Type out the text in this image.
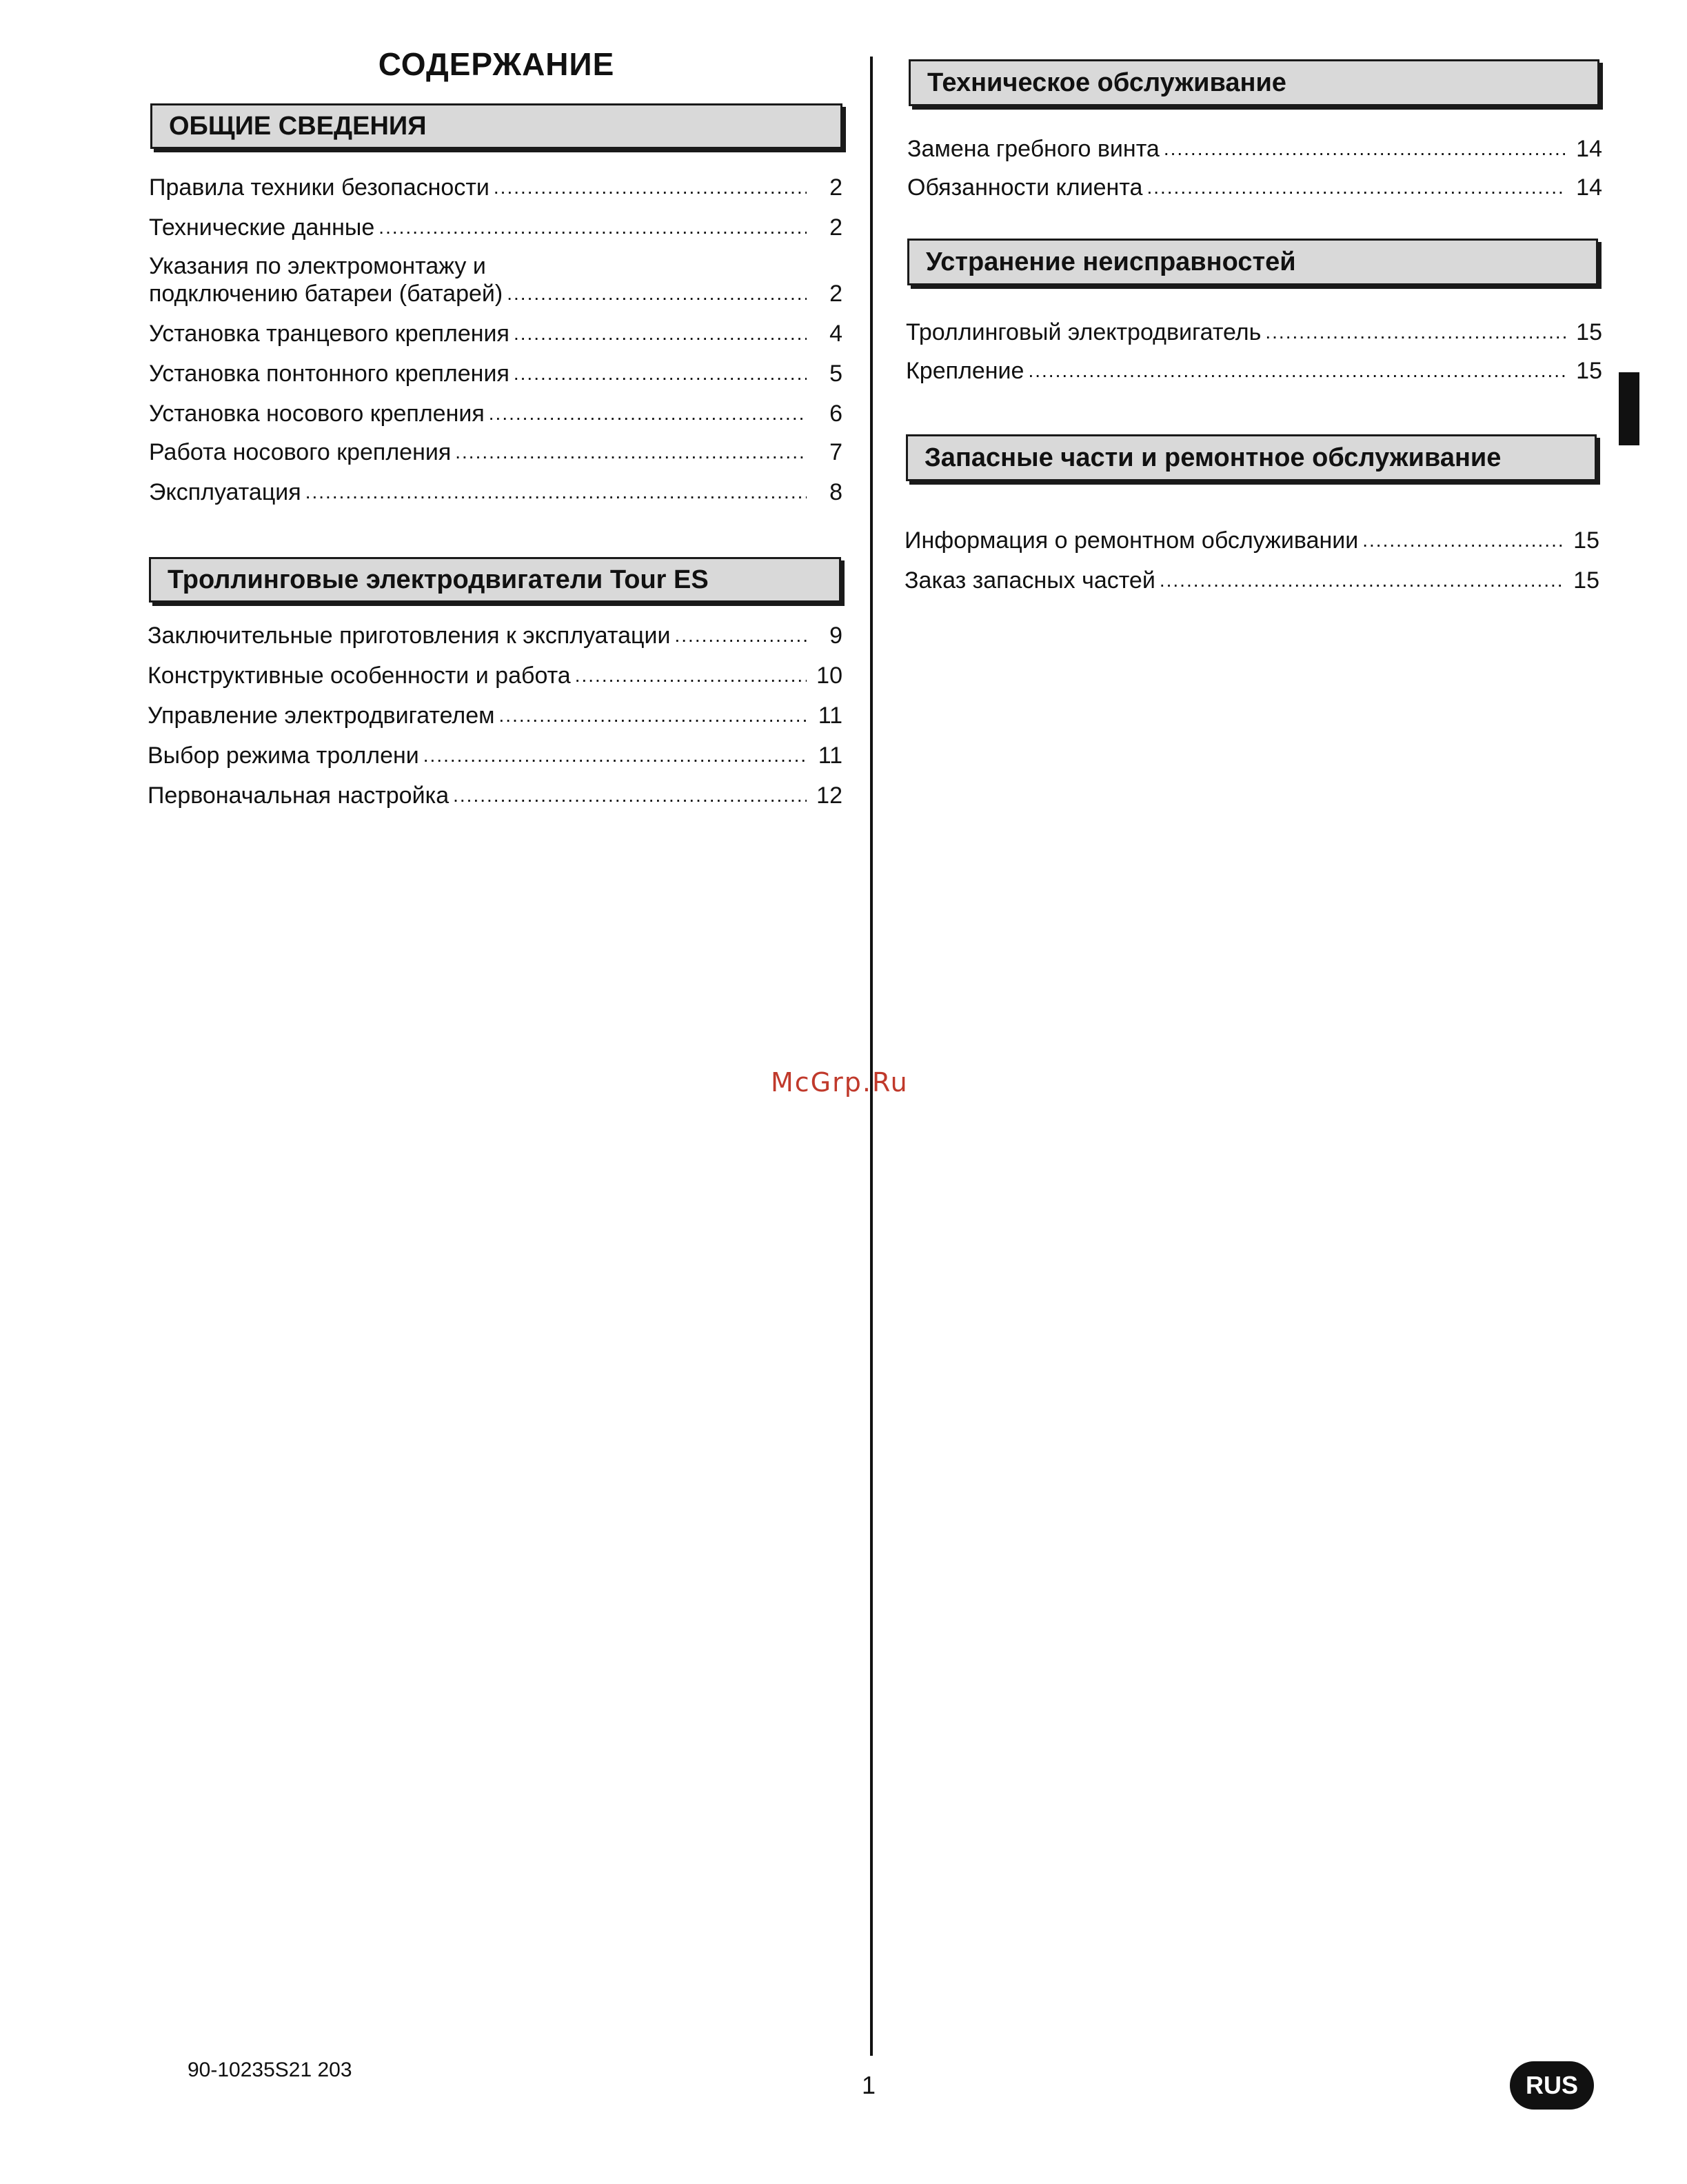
СОДЕРЖАНИЕ
ОБЩИЕ СВЕДЕНИЯ
Правила техники безопасности .....	2
Технические данные .....	2
Указания по электромонтажу и
подключению батареи (батарей) .....	2
Установка транцевого крепления .....	4
Установка понтонного крепления .....	5
Установка носового крепления .....	6
Работа носового крепления .....	7
Эксплуатация .....	8
Троллинговые электродвигатели Tour ES
Заключительные приготовления к эксплуатации .....	9
Конструктивные особенности и работа .....	10
Управление электродвигателем .....	11
Выбор режима троллени .....	11
Первоначальная настройка .....	12
Техническое обслуживание
Замена гребного винта .....	14
Обязанности клиента .....	14
Устранение неисправностей
Троллинговый электродвигатель .....	15
Крепление .....	15
Запасные части и ремонтное обслуживание
Информация о ремонтном обслуживании .....	15
Заказ запасных частей .....	15
McGrp.Ru
90-10235S21 203
1	RUS
